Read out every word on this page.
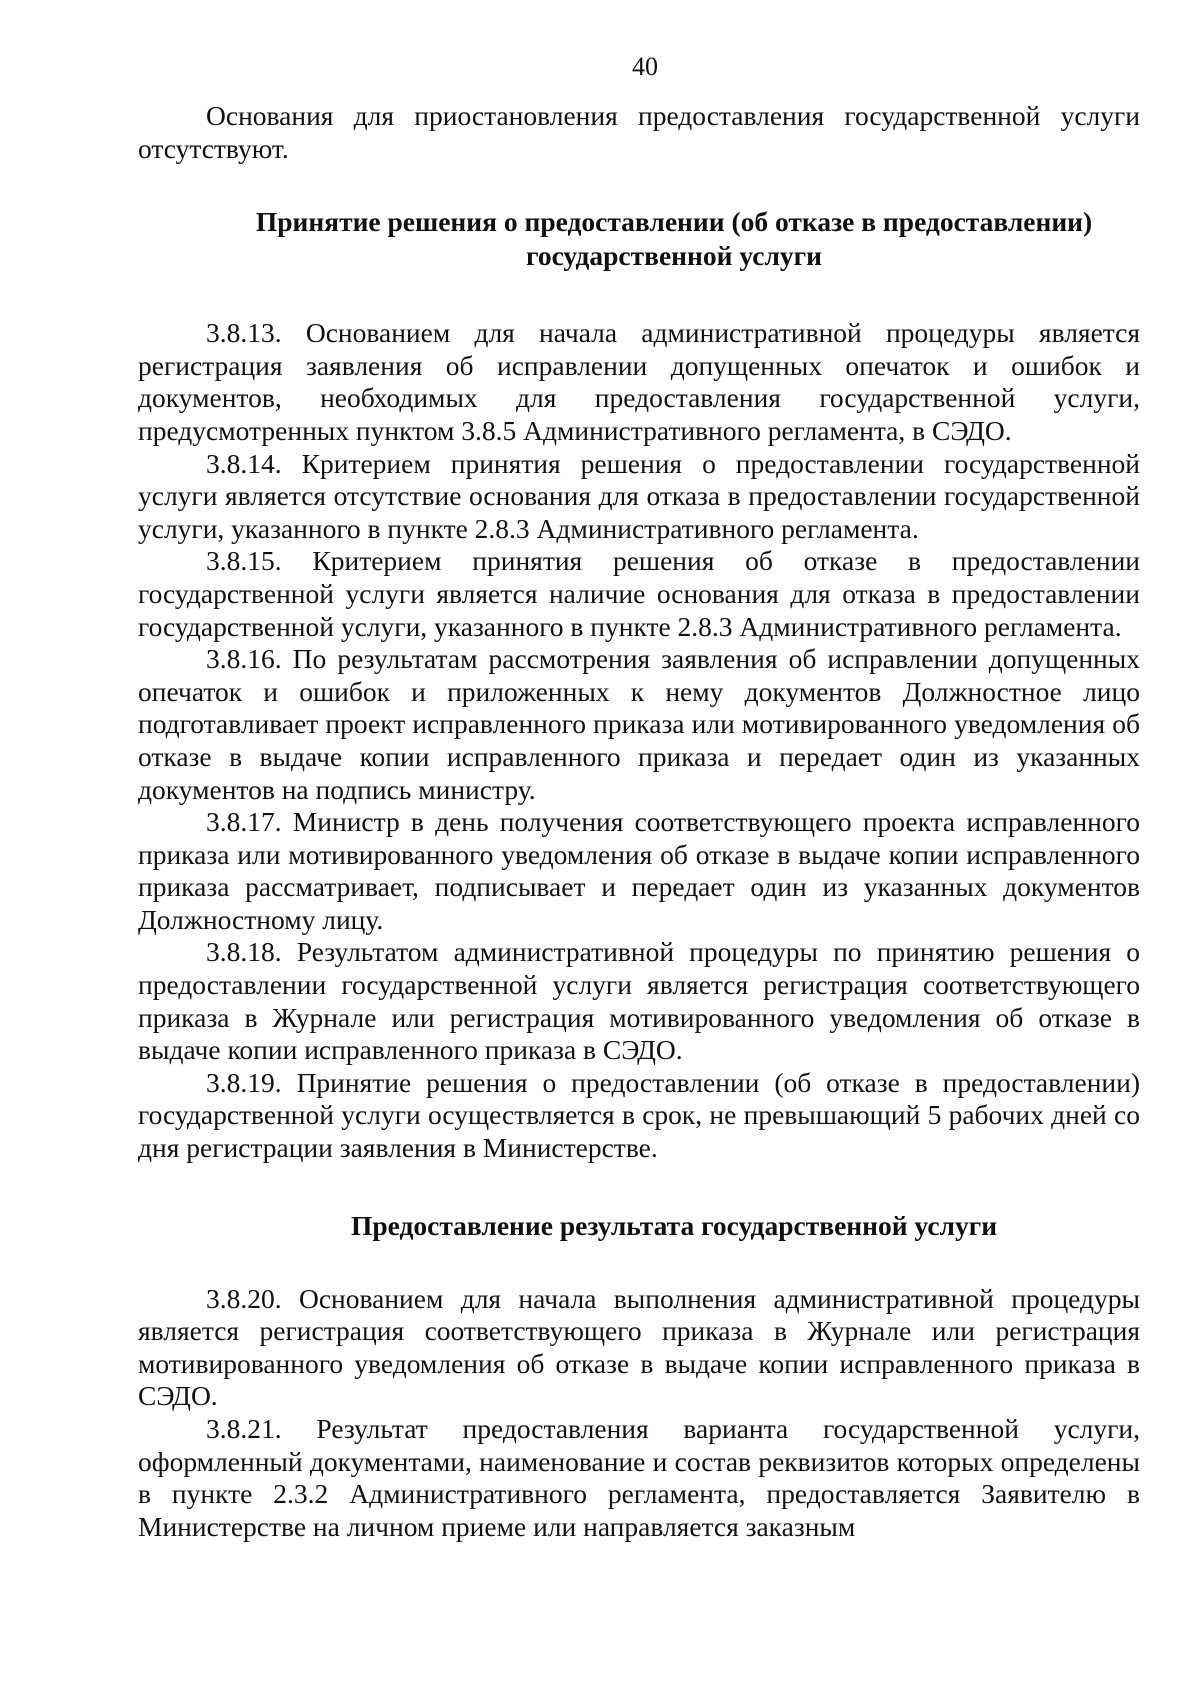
40

Основания для приостановления предоставления государственной услуги отсутствуют.

Принятие решения о предоставлении (об отказе в предоставлении)
государственной услуги

3.8.13. Основанием для начала административной процедуры является регистрация заявления об исправлении допущенных опечаток и ошибок и документов, необходимых для предоставления государственной услуги, предусмотренных пунктом 3.8.5 Административного регламента, в СЭДО.

3.8.14. Критерием принятия решения о предоставлении государственной услуги является отсутствие основания для отказа в предоставлении государственной услуги, указанного в пункте 2.8.3 Административного регламента.

3.8.15. Критерием принятия решения об отказе в предоставлении государственной услуги является наличие основания для отказа в предоставлении государственной услуги, указанного в пункте 2.8.3 Административного регламента.

3.8.16. По результатам рассмотрения заявления об исправлении допущенных опечаток и ошибок и приложенных к нему документов Должностное лицо подготавливает проект исправленного приказа или мотивированного уведомления об отказе в выдаче копии исправленного приказа и передает один из указанных документов на подпись министру.

3.8.17. Министр в день получения соответствующего проекта исправленного приказа или мотивированного уведомления об отказе в выдаче копии исправленного приказа рассматривает, подписывает и передает один из указанных документов Должностному лицу.

3.8.18. Результатом административной процедуры по принятию решения о предоставлении государственной услуги является регистрация соответствующего приказа в Журнале или регистрация мотивированного уведомления об отказе в выдаче копии исправленного приказа в СЭДО.

3.8.19. Принятие решения о предоставлении (об отказе в предоставлении) государственной услуги осуществляется в срок, не превышающий 5 рабочих дней со дня регистрации заявления в Министерстве.

Предоставление результата государственной услуги

3.8.20. Основанием для начала выполнения административной процедуры является регистрация соответствующего приказа в Журнале или регистрация мотивированного уведомления об отказе в выдаче копии исправленного приказа в СЭДО.

3.8.21. Результат предоставления варианта государственной услуги, оформленный документами, наименование и состав реквизитов которых определены в пункте 2.3.2 Административного регламента, предоставляется Заявителю в Министерстве на личном приеме или направляется заказным
